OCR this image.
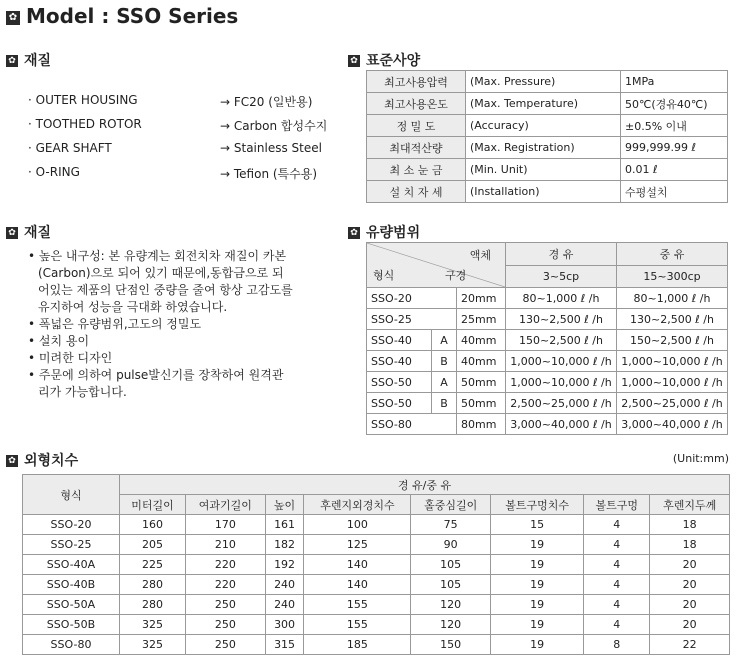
✿ Model : SSO Series
✿ 재질
· OUTER HOUSING	→ FC20 (일반용)
· TOOTHED ROTOR	→ Carbon 합성수지
· GEAR SHAFT	→ Stainless Steel
· O-RING	→ Tefion (특수용)
✿ 재질
• 높은 내구성: 본 유량계는 회전치차 재질이 카본(Carbon)으로 되어 있기 때문에,동합금으로 되어있는 제품의 단점인 중량을 줄여 항상 고감도를 유지하여 성능을 극대화 하였습니다.
• 폭넓은 유량범위,고도의 정밀도
• 설치 용이
• 미려한 디자인
• 주문에 의하여 pulse발신기를 장착하여 원격관리가 가능합니다.
✿ 표준사양
최고사용압력	(Max. Pressure)	1MPa
최고사용온도	(Max. Temperature)	50℃(경유40℃)
정 밀 도	(Accuracy)	±0.5% 이내
최대적산량	(Max. Registration)	999,999.99 ℓ
최 소 눈 금	(Min. Unit)	0.01 ℓ
설 치 자 세	(Installation)	수평설치
✿ 유량범위
액체
형식 구경			경 유	중 유
			3~5cp	15~300cp
SSO-20		20mm	80~1,000 ℓ /h	80~1,000 ℓ /h
SSO-25		25mm	130~2,500 ℓ /h	130~2,500 ℓ /h
SSO-40	A	40mm	150~2,500 ℓ /h	150~2,500 ℓ /h
SSO-40	B	40mm	1,000~10,000 ℓ /h	1,000~10,000 ℓ /h
SSO-50	A	50mm	1,000~10,000 ℓ /h	1,000~10,000 ℓ /h
SSO-50	B	50mm	2,500~25,000 ℓ /h	2,500~25,000 ℓ /h
SSO-80		80mm	3,000~40,000 ℓ /h	3,000~40,000 ℓ /h
✿ 외형치수	(Unit:mm)
형식	경 유/중 유							
	미터길이	여과기길이	높이	후렌지외경치수	홀중심길이	볼트구멍치수	볼트구멍	후렌지두께
SSO-20	160	170	161	100	75	15	4	18
SSO-25	205	210	182	125	90	19	4	18
SSO-40A	225	220	192	140	105	19	4	20
SSO-40B	280	220	240	140	105	19	4	20
SSO-50A	280	250	240	155	120	19	4	20
SSO-50B	325	250	300	155	120	19	4	20
SSO-80	325	250	315	185	150	19	8	22
